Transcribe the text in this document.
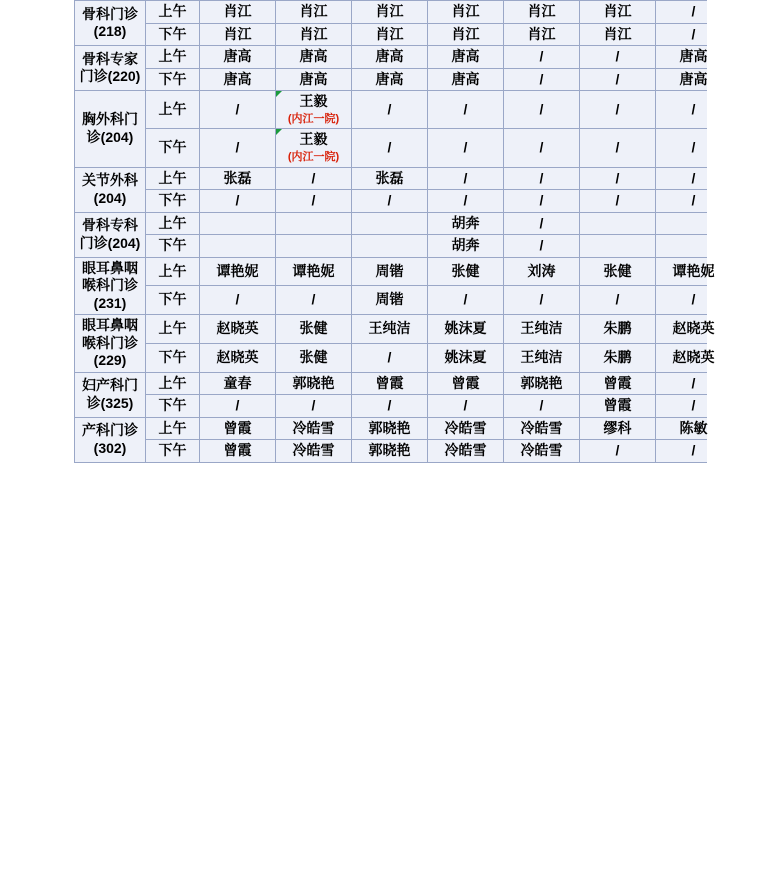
骨科门诊(218)	上午	肖江	肖江	肖江	肖江	肖江	肖江	/

	下午	肖江	肖江	肖江	肖江	肖江	肖江	/

骨科专家门诊(220)	上午	唐高	唐高	唐高	唐高	/	/	唐高

	下午	唐高	唐高	唐高	唐高	/	/	唐高

胸外科门诊(204)	上午	/	王毅
(内江一院)	/	/	/	/	/

	下午	/	王毅
(内江一院)	/	/	/	/	/

关节外科(204)	上午	张磊	/	张磊	/	/	/	/

	下午	/	/	/	/	/	/	/

骨科专科门诊(204)	上午				胡奔	/		

	下午				胡奔	/		

眼耳鼻咽喉科门诊(231)	上午	谭艳妮	谭艳妮	周锴	张健	刘涛	张健	谭艳妮

	下午	/	/	周锴	/	/	/	/

眼耳鼻咽喉科门诊(229)	上午	赵晓英	张健	王纯洁	姚沫夏	王纯洁	朱鹏	赵晓英

	下午	赵晓英	张健	/	姚沫夏	王纯洁	朱鹏	赵晓英

妇产科门诊(325)	上午	童春	郭晓艳	曾霞	曾霞	郭晓艳	曾霞	/

	下午	/	/	/	/	/	曾霞	/

产科门诊(302)	上午	曾霞	冷皓雪	郭晓艳	冷皓雪	冷皓雪	缪科	陈敏

	下午	曾霞	冷皓雪	郭晓艳	冷皓雪	冷皓雪	/	/
